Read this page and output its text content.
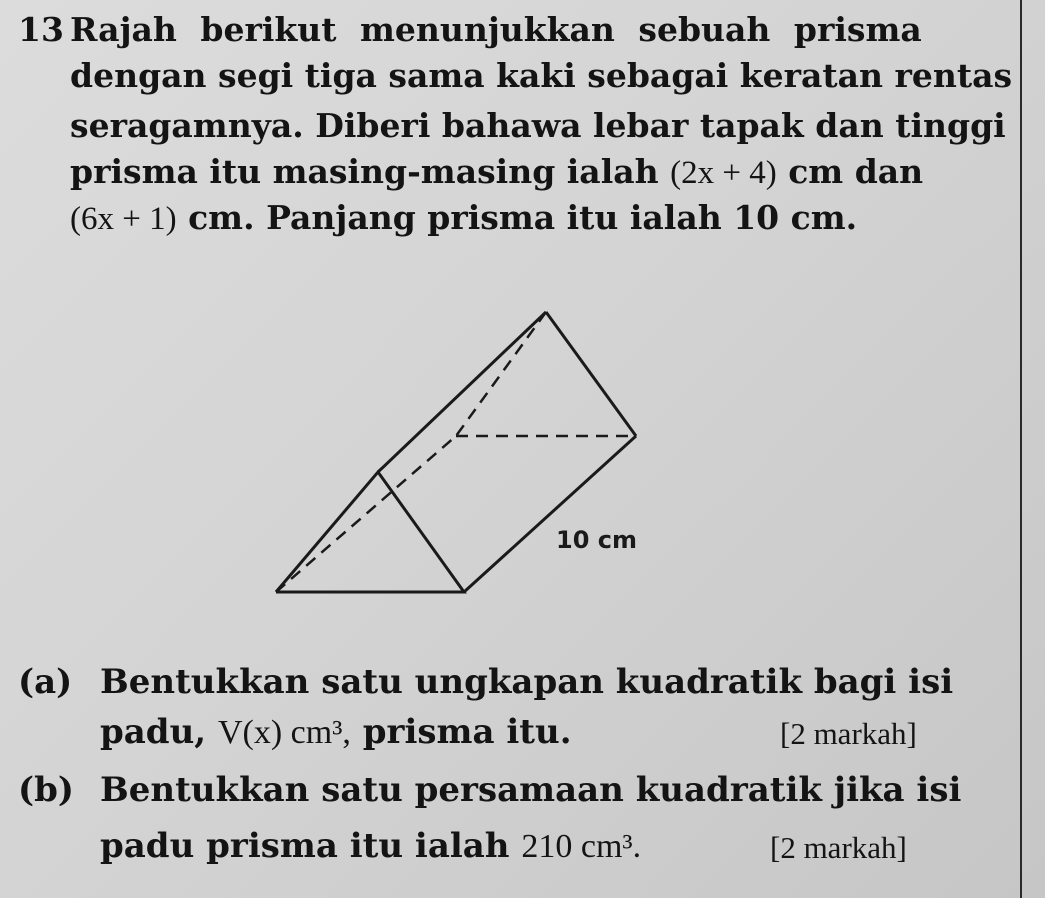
13 Rajah berikut menunjukkan sebuah prisma
dengan segi tiga sama kaki sebagai keratan rentas
seragamnya. Diberi bahawa lebar tapak dan tinggi
prisma itu masing-masing ialah (2x + 4) cm dan
(6x + 1) cm. Panjang prisma itu ialah 10 cm.
10 cm
(a) Bentukkan satu ungkapan kuadratik bagi isi
padu, V(x) cm³, prisma itu.	[2 markah]
(b) Bentukkan satu persamaan kuadratik jika isi
padu prisma itu ialah 210 cm³.	[2 markah]
